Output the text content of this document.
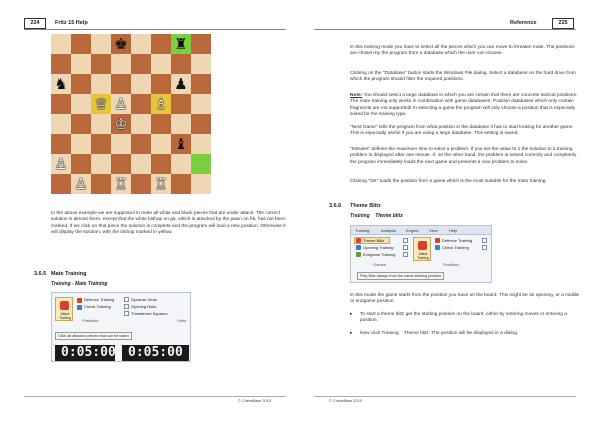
224	Fritz 15 Help
♚	♜
♞	♟
♕ ♙ ♗
♔
♝
♙
♙ ♖ ♖
In the above example we are supposed to mate all white and black pieces that are under attack. The correct solution is almost there, except that the white bishop on g5, which is attacked by the pawn on h6, has not been marked. If we click on that piece the solution is complete and the program will load a new position. Otherwise it will display the solution, with the bishop marked in yellow.
3.6.5 Mate Training
Training - Mate Training
Attack Training
Defence Training
Check Training
Positions
Dynamic Hints
Opening Hints
Threatened Squares
Hints
Click all attacked pieces that can be taken
0:05:00 0:05:00
© ChessBase 2015
Reference	225
In this training mode you have to select all the pieces which you can move to threaten mate. The positions are chosen by the program from a database which the user can choose.
Clicking on the "Database" button starts the Windows File dialog. Select a database on the hard drive from which the program should filter the required positions.
Note: You should select a large database in which you are certain that there are concrete tactical positions. The mate training only works in combination with game databases. Position databases which only contain fragments are not supported! In selecting a game the program will only choose a position that is especially suited for the training type.
"Next Game" tells the program from what position in the database it has to start looking for another game. This is especially useful if you are using a large database. This setting is saved.
"Minutes" defines the maximum time to solve a problem. If you set the value to 1 the solution to a training problem is displayed after one minute. If, on the other hand, the problem is solved correctly and completely the program immediately loads the next game and presents a new problem to solve.
Clicking "OK" loads the position from a game which is the most suitable for the mate training.
3.6.6 Theme Blitz
Training    Theme blitz
Training	Analysis	Engine	View	Help
Theme Blitz
Opening Training
Endgame Training
Games
Attack Training
Defence Training
Check Training
Positions
Play Blitz always from the same starting position
In this mode the game starts from the position you have on the board. This might be an opening, or a middle or endgame position.
▸ To start a theme blitz get the starting position on the board, either by entering moves or entering a position.
▸ New click Training    Theme blitz. The position will be displayed in a dialog.
© ChessBase 2015
